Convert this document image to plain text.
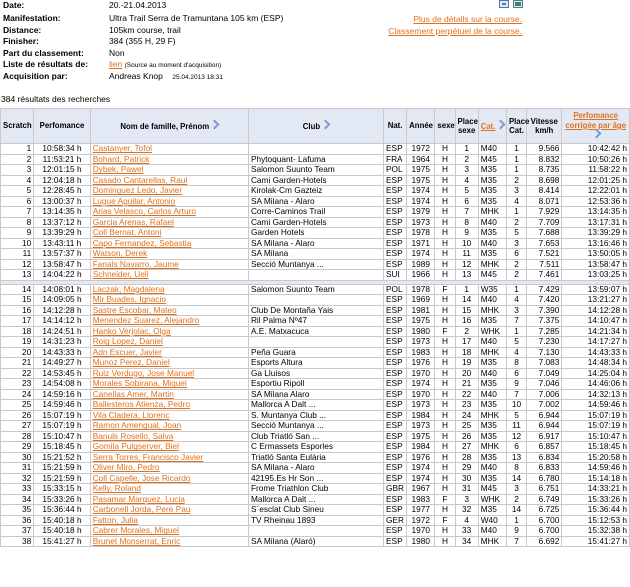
Date:	20.-21.04.2013
Manifestation:	Ultra Trail Serra de Tramuntana 105 km (ESP)
Distance:	105km course, trail
Finisher:	384 (355 H, 29 F)
Part du classement:	Non
Liste de résultats de: lien (Source au moment d'acquisition)
Acquisition par:	Andreas Knop 25.04.2013 18:31
Plus de détails sur la course.
Classement perpétuel de la course.
384 résultats des recherches
Scratch	Perfomance	Nom de famille, Prénom	Club	Nat.	Année	sexe	Place sexe	Cat.	Place Cat.	Vitesse km/h	Perfomance corrigée par âge
1	10:58:34 h	Castanyer, Tofol		ESP	1972	H	1	M40	1	9.566	10:42:42 h
2	11:53:21 h	Bohard, Patrick	Phytoquant- Lafuma	FRA	1964	H	2	M45	1	8.832	10:50:26 h
3	12:01:15 h	Dybek, Pawel	Salomon Suunto Team	POL	1975	H	3	M35	1	8.735	11:58:22 h
4	12:04:18 h	Casado Cantarellas, Raul	Cami Garden-Hotels	ESP	1975	H	4	M35	2	8.698	12:01:25 h
5	12:28:45 h	Dominguez Ledo, Javier	Kirolak-Cm Gazteiz	ESP	1974	H	5	M35	3	8.414	12:22:01 h
6	13:00:37 h	Lugue Aguilar, Antonio	SA Milana - Alaro	ESP	1974	H	6	M35	4	8.071	12:53:36 h
7	13:14:35 h	Arias Velasco, Carlos Arturo	Corre-Caminos Trail	ESP	1979	H	7	MHK	1	7.929	13:14:35 h
8	13:37:12 h	Garcia Arenas, Rafael	Cami Garden-Hotels	ESP	1973	H	8	M40	2	7.709	13:17:31 h
9	13:39:29 h	Coll Bernat, Antoni	Garden Hotels	ESP	1978	H	9	M35	5	7.688	13:39:29 h
10	13:43:11 h	Capo Fernandez, Sebastia	SA Milana - Alaro	ESP	1971	H	10	M40	3	7.653	13:16:46 h
11	13:57:37 h	Watson, Derek	SA Milana	ESP	1974	H	11	M35	6	7.521	13:50:05 h
12	13:58:47 h	Fanals Navarro, Jaume	Secció Muntanya ...	ESP	1989	H	12	MHK	2	7.511	13:58:47 h
13	14:04:22 h	Schneider, Ueli		SUI	1966	H	13	M45	2	7.461	13:03:25 h

14	14:08:01 h	Laczak, Magdalena	Salomon Suunto Team	POL	1978	F	1	W35	1	7.429	13:59:07 h
15	14:09:05 h	Mir Buades, Ignacio		ESP	1969	H	14	M40	4	7.420	13:21:27 h
16	14:12:28 h	Sastre Escobar, Mateo	Club De Montaña Yais	ESP	1981	H	15	MHK	3	7.390	14:12:28 h
17	14:14:12 h	Menendez Suarez, Alejandro	Ril Palma Nº47	ESP	1975	H	16	M35	7	7.375	14:10:47 h
18	14:24:51 h	Hanko Verjolac, Olga	A.E. Matxacuca	ESP	1980	F	2	WHK	1	7.285	14:21:34 h
19	14:31:23 h	Roig Lopez, Daniel		ESP	1973	H	17	M40	5	7.230	14:17:27 h
20	14:43:33 h	Adn Escuer, Javier	Peña Guara	ESP	1983	H	18	MHK	4	7.130	14:43:33 h
21	14:49:27 h	Munoz Perez, Daniel	Esports Altura	ESP	1976	H	19	M35	8	7.083	14:48:34 h
22	14:53:45 h	Ruiz Verdugo, Jose Manuel	Ga Lluisos	ESP	1970	H	20	M40	6	7.049	14:25:04 h
23	14:54:08 h	Morales Sobirana, Miquel	Esportiu Ripoll	ESP	1974	H	21	M35	9	7.046	14:46:06 h
24	14:59:16 h	Canellas Amer, Martin	SA Milana Alaro	ESP	1970	H	22	M40	7	7.006	14:32:13 h
25	14:59:46 h	Ballesteros Atienza, Pedro	Mallorca A Dalt ...	ESP	1973	H	23	M35	10	7.002	14:59:46 h
26	15:07:19 h	Vila Cladera, Llorenc	S. Muntanya Club ...	ESP	1984	H	24	MHK	5	6.944	15:07:19 h
27	15:07:19 h	Ramon Amengual, Joan	Secció Muntanya ...	ESP	1973	H	25	M35	11	6.944	15:07:19 h
28	15:10:47 h	Banuls Rosello, Salva	Club Triatló San ...	ESP	1975	H	26	M35	12	6.917	15:10:47 h
29	15:18:45 h	Gomila Pulgserver, Biel	C Ermassets Esporles	ESP	1984	H	27	MHK	6	6.857	15:18:45 h
30	15:21:52 h	Serra Torres, Francisco Javier	Triatló Santa Eulària	ESP	1976	H	28	M35	13	6.834	15:20:58 h
31	15:21:59 h	Oliver Miro, Pedro	SA Milana - Alaro	ESP	1974	H	29	M40	8	6.833	14:59:46 h
32	15:21:59 h	Coll Capelle, Jose Ricardo	42195.Es Hr Son ...	ESP	1974	H	30	M35	14	6.780	15:14:18 h
33	15:33:15 h	Kelly, Roland	Frome Triathlon Club	GBR	1967	H	31	M45	3	6.751	14:33:21 h
34	15:33:26 h	Pasamar Marquez, Lucia	Mallorca A Dalt ...	ESP	1983	F	3	WHK	2	6.749	15:33:26 h
35	15:36:44 h	Carbonell Jorda, Pere Pau	S´esclat Club Sineu	ESP	1977	H	32	M35	14	6.725	15:36:44 h
36	15:40:18 h	Fatton, Julia	TV Rheinau 1893	GER	1972	F	4	W40	1	6.700	15:12:53 h
37	15:40:18 h	Cabrer Morales, Miguel		ESP	1970	H	33	M40	9	6.700	15:32:38 h
38	15:41:27 h	Brunet Monserrat, Enric	SA Milana (Alaró)	ESP	1980	H	34	MHK	7	6.692	15:41:27 h
